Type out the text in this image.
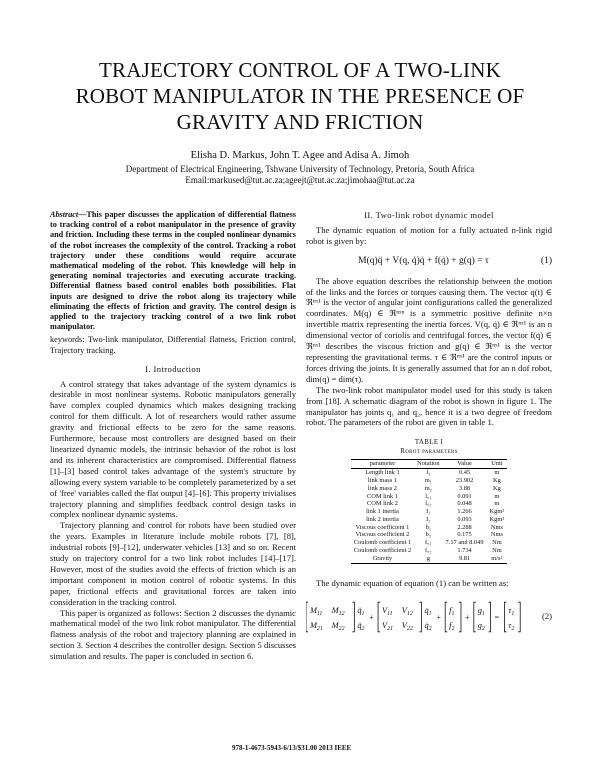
TRAJECTORY CONTROL OF A TWO-LINK
ROBOT MANIPULATOR IN THE PRESENCE OF
GRAVITY AND FRICTION
Elisha D. Markus, John T. Agee and Adisa A. Jimoh
Department of Electrical Engineering, Tshwane University of Technology, Pretoria, South Africa
Email:markused@tut.ac.za;ageejt@tut.ac.za;jimohaa@tut.ac.za
Abstract—This paper discusses the application of differential flatness to tracking control of a robot manipulator in the presence of gravity and friction. Including these terms in the coupled nonlinear dynamics of the robot increases the complexity of the control. Tracking a robot trajectory under these conditions would require accurate mathematical modeling of the robot. This knowledge will help in generating nominal trajectories and executing accurate tracking. Differential flatness based control enables both possibilities. Flat inputs are designed to drive the robot along its trajectory while eliminating the effects of friction and gravity. The control design is applied to the trajectory tracking control of a two link robot manipulator.
keywords: Two-link manipulator, Differential flatness, Friction control, Trajectory tracking.
I. Introduction

A control strategy that takes advantage of the system dynamics is desirable in most nonlinear systems. Robotic manipulators generally have complex coupled dynamics which makes designing tracking control for them difficult. A lot of researchers would rather assume gravity and frictional effects to be zero for the same reasons. Furthermore, because most controllers are designed based on their linearized dynamic models, the intrinsic behavior of the robot is lost and its inherent characteristics are compromised. Differential flatness [1]–[3] based control takes advantage of the system's structure by allowing every system variable to be completely parameterized by a set of 'free' variables called the flat output [4]–[6]. This property trivialises trajectory planning and simplifies feedback control design tasks in complex nonlinear dynamic systems.

Trajectory planning and control for robots have been studied over the years. Examples in literature include mobile robots [7], [8], industrial robots [9]–[12], underwater vehicles [13] and so on. Recent study on trajectory control for a two link robot includes [14]–[17]. However, most of the studies avoid the effects of friction which is an important component in motion control of robotic systems. In this paper, frictional effects and gravitational forces are taken into consideration in the tracking control.

This paper is organized as follows: Section 2 discusses the dynamic mathematical model of the two link robot manipulator. The differential flatness analysis of the robot and trajectory planning are explained in section 3. Section 4 describes the controller design. Section 5 discusses simulation and results. The paper is concluded in section 6.

II. Two-link robot dynamic model

The dynamic equation of motion for a fully actuated n-link rigid robot is given by:

M(q)q̈ + V(q, q̇)q̇ + f(q̇) + g(q) = τ	(1)

The above equation describes the relationship between the motion of the links and the forces or torques causing them. The vector q(t) ∈ ℜⁿˣ¹ is the vector of angular joint configurations called the generalized coordinates. M(q) ∈ ℜⁿˣⁿ is a symmetric positive definite n×n invertible matrix representing the inertia forces. V(q, q̇) ∈ ℜⁿˣ¹ is an n dimensional vector of coriolis and centrifugal forces, the vector f(q̇) ∈ ℜⁿˣ¹ describes the viscous friction and g(q) ∈ ℜⁿˣ¹ is the vector representing the gravitational terms. τ ∈ ℜⁿˣ¹ are the control inputs or forces driving the joints. It is generally assumed that for an n dof robot, dim(q) = dim(τ).

The two-link robot manipulator model used for this study is taken from [18]. A schematic diagram of the robot is shown in figure 1. The manipulator has joints q₁ and q₂, hence it is a two degree of freedom robot. The parameters of the robot are given in table 1.

TABLE I
Robot parameters
parameter	Notation	Value	Unit
Length link 1	l₁	0.45	m
link mass 1	m₁	23.902	Kg
link mass 2	m₂	3.88	Kg
COM link 1	l꜀₁	0.091	m
COM link 2	l꜀₂	0.048	m
link 1 inertia	I₁	1.266	Kgm²
link 2 inertia	I₂	0.093	Kgm²
Viscous coefficient 1	b₁	2.288	Nms
Viscous coefficient 2	b₂	0.175	Nms
Coulomb coefficient 1	f꜀₁	7.17 and 8.049	Nm
Coulomb coefficient 2	f꜀₂	1.734	Nm
Gravity	g	9.81	m/s²

The dynamic equation of equation (1) can be written as:

$M_{11}$ $M_{12}$
$M_{21}$ $M_{22}$
$q̈_1$
$q̈_2$
+
$V_{11}$ $V_{12}$
$V_{21}$ $V_{22}$
$q̇_1$
$q̇_2$
+
$f_1$
$f_2$
+
$g_1$
$g_2$
=
$\tau_1$
$\tau_2$
(2)
978-1-4673-5943-6/13/$31.00 2013 IEEE
